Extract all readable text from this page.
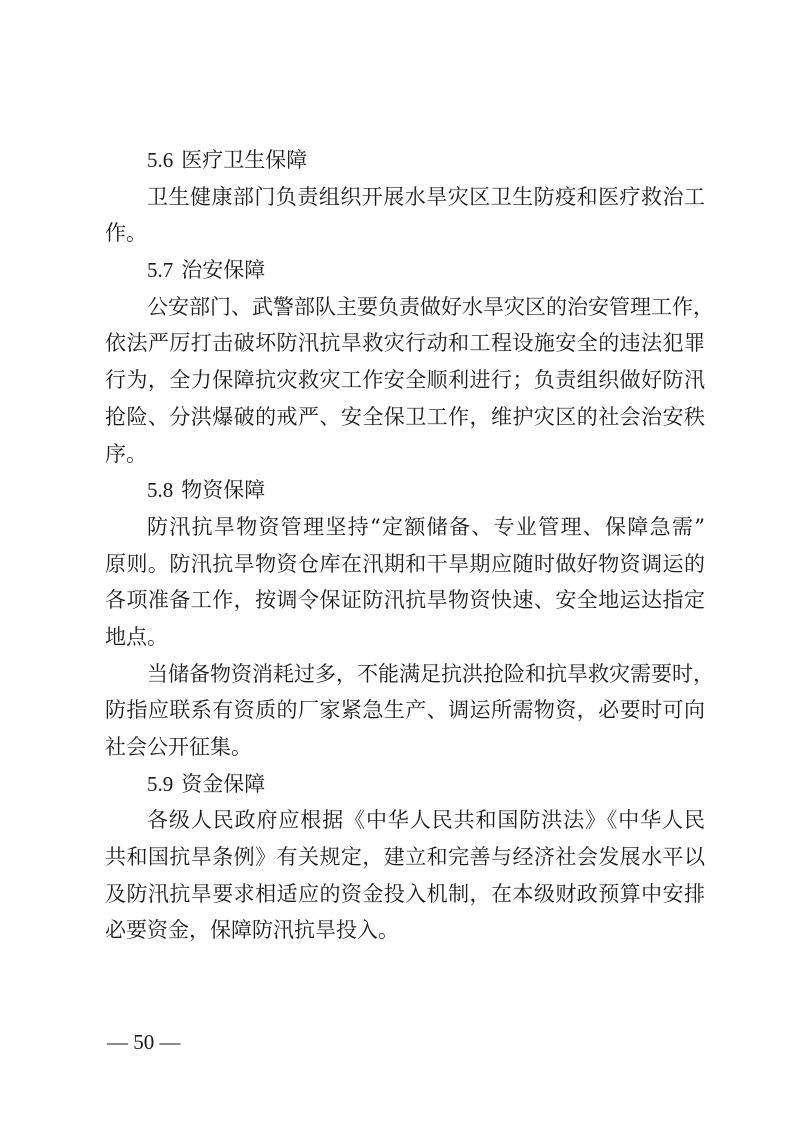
5.6 医疗卫生保障
卫生健康部门负责组织开展水旱灾区卫生防疫和医疗救治工
作。
5.7 治安保障
公安部门、武警部队主要负责做好水旱灾区的治安管理工作，
依法严厉打击破坏防汛抗旱救灾行动和工程设施安全的违法犯罪
行为，全力保障抗灾救灾工作安全顺利进行；负责组织做好防汛
抢险、分洪爆破的戒严、安全保卫工作，维护灾区的社会治安秩
序。
5.8 物资保障
防汛抗旱物资管理坚持“定额储备、专业管理、保障急需”
原则。防汛抗旱物资仓库在汛期和干旱期应随时做好物资调运的
各项准备工作，按调令保证防汛抗旱物资快速、安全地运达指定
地点。
当储备物资消耗过多，不能满足抗洪抢险和抗旱救灾需要时，
防指应联系有资质的厂家紧急生产、调运所需物资，必要时可向
社会公开征集。
5.9 资金保障
各级人民政府应根据《中华人民共和国防洪法》《中华人民
共和国抗旱条例》有关规定，建立和完善与经济社会发展水平以
及防汛抗旱要求相适应的资金投入机制，在本级财政预算中安排
必要资金，保障防汛抗旱投入。
— 50 —
